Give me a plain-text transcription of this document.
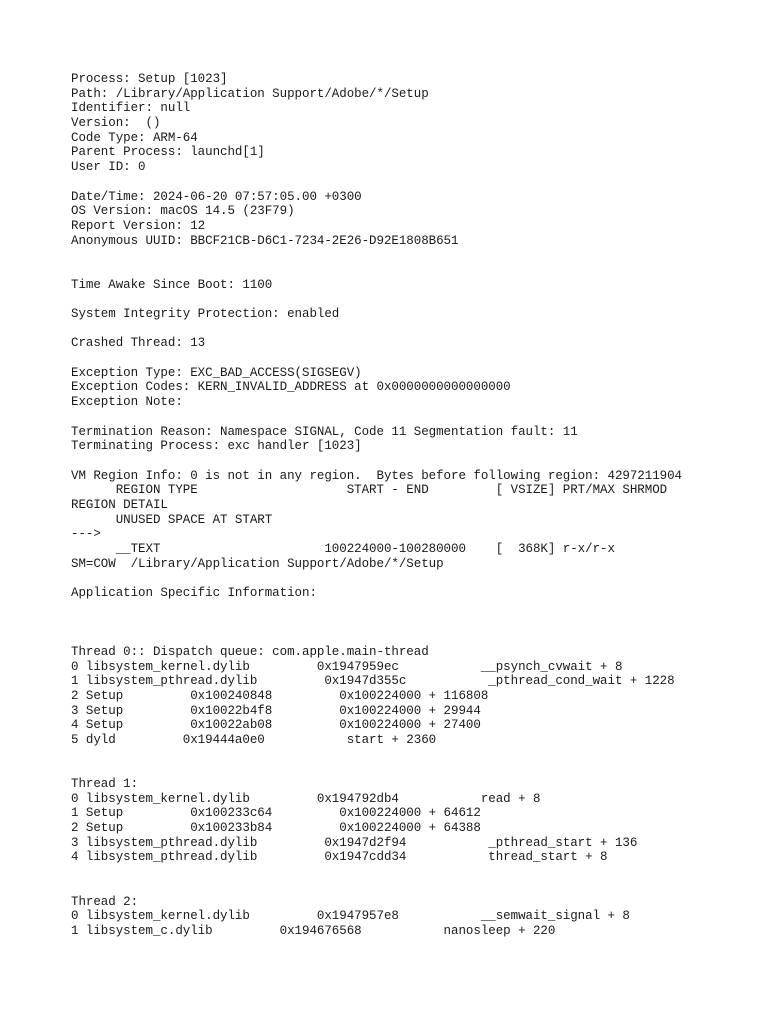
Process: Setup [1023]
Path: /Library/Application Support/Adobe/*/Setup
Identifier: null
Version:  ()
Code Type: ARM-64
Parent Process: launchd[1]
User ID: 0

Date/Time: 2024-06-20 07:57:05.00 +0300
OS Version: macOS 14.5 (23F79)
Report Version: 12
Anonymous UUID: BBCF21CB-D6C1-7234-2E26-D92E1808B651

Time Awake Since Boot: 1100

System Integrity Protection: enabled

Crashed Thread: 13

Exception Type: EXC_BAD_ACCESS(SIGSEGV)
Exception Codes: KERN_INVALID_ADDRESS at 0x0000000000000000
Exception Note:

Termination Reason: Namespace SIGNAL, Code 11 Segmentation fault: 11
Terminating Process: exc handler [1023]

VM Region Info: 0 is not in any region.  Bytes before following region: 4297211904
REGION TYPE                    START - END         [ VSIZE] PRT/MAX SHRMOD
REGION DETAIL
UNUSED SPACE AT START
--->
__TEXT                      100224000-100280000    [  368K] r-x/r-x
SM=COW  /Library/Application Support/Adobe/*/Setup

Application Specific Information:

Thread 0:: Dispatch queue: com.apple.main-thread
0 libsystem_kernel.dylib         0x1947959ec           __psynch_cvwait + 8
1 libsystem_pthread.dylib         0x1947d355c           _pthread_cond_wait + 1228
2 Setup         0x100240848         0x100224000 + 116808
3 Setup         0x10022b4f8         0x100224000 + 29944
4 Setup         0x10022ab08         0x100224000 + 27400
5 dyld         0x19444a0e0           start + 2360

Thread 1:
0 libsystem_kernel.dylib         0x194792db4           read + 8
1 Setup         0x100233c64         0x100224000 + 64612
2 Setup         0x100233b84         0x100224000 + 64388
3 libsystem_pthread.dylib         0x1947d2f94           _pthread_start + 136
4 libsystem_pthread.dylib         0x1947cdd34           thread_start + 8

Thread 2:
0 libsystem_kernel.dylib         0x1947957e8           __semwait_signal + 8
1 libsystem_c.dylib         0x194676568           nanosleep + 220
